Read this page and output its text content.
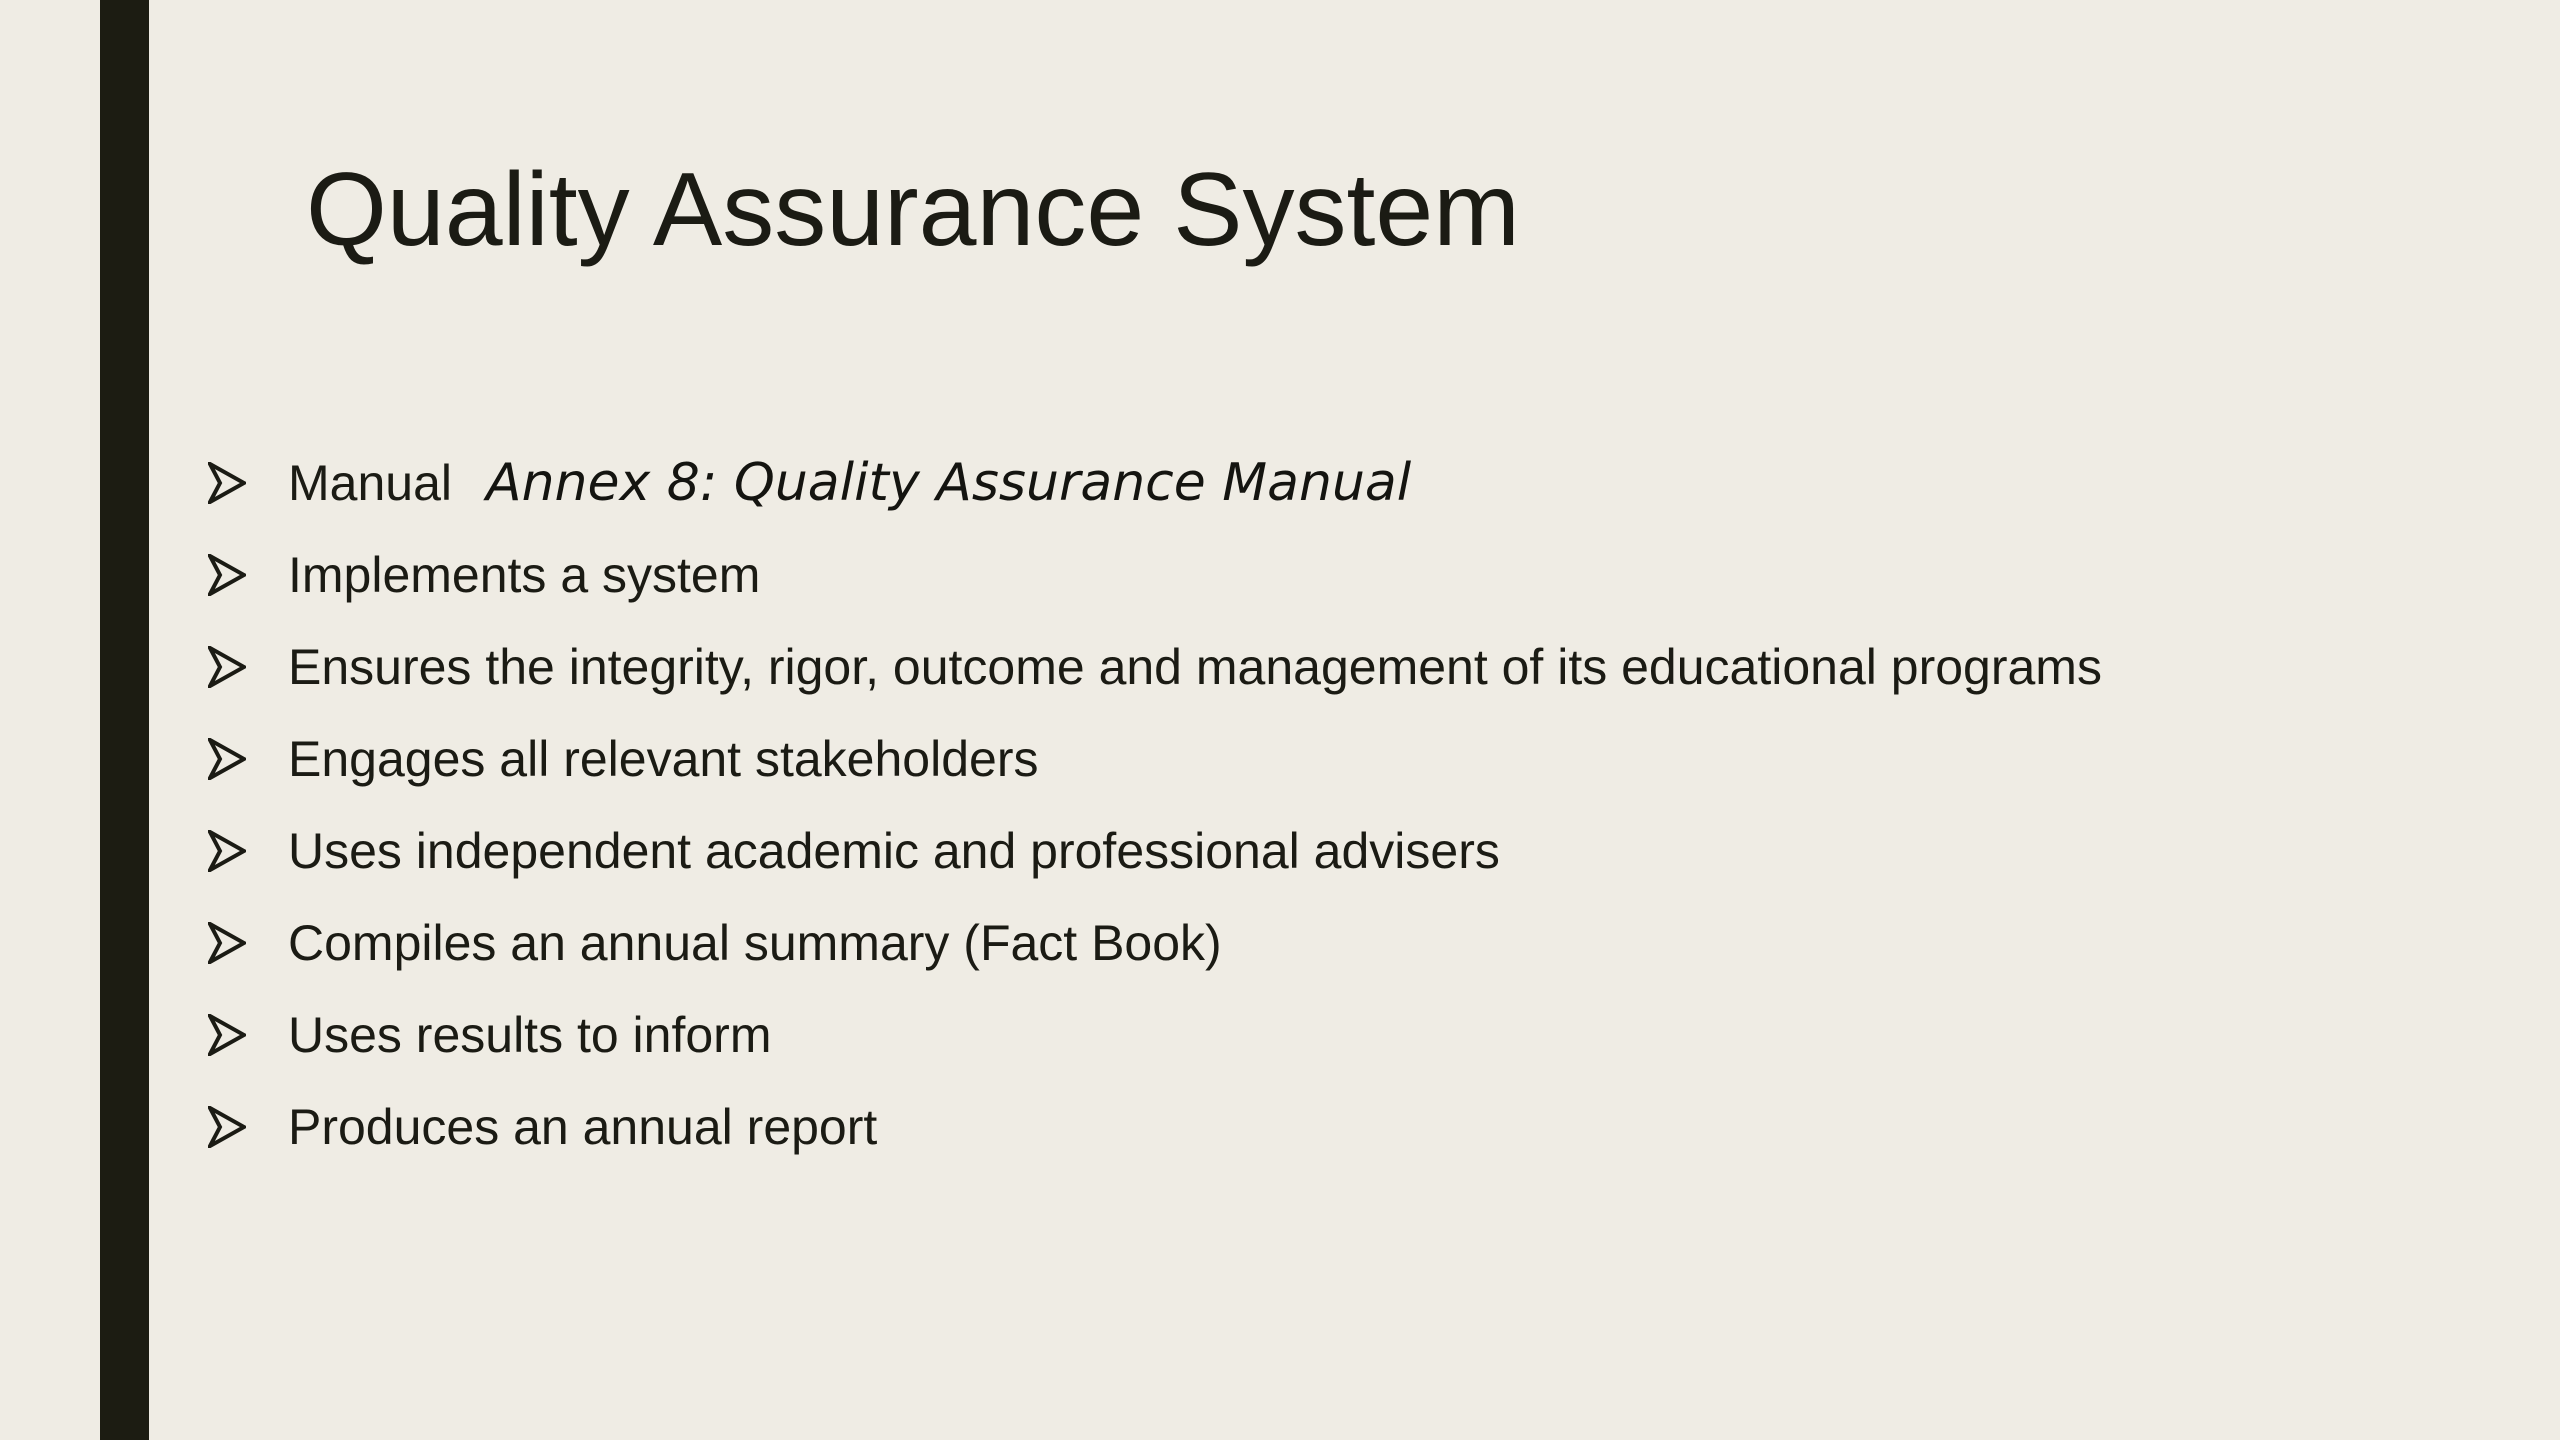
Quality Assurance System
Manual Annex 8: Quality Assurance Manual
Implements a system
Ensures the integrity, rigor, outcome and management of its educational programs
Engages all relevant stakeholders
Uses independent academic and professional advisers
Compiles an annual summary (Fact Book)
Uses results to inform
Produces an annual report
